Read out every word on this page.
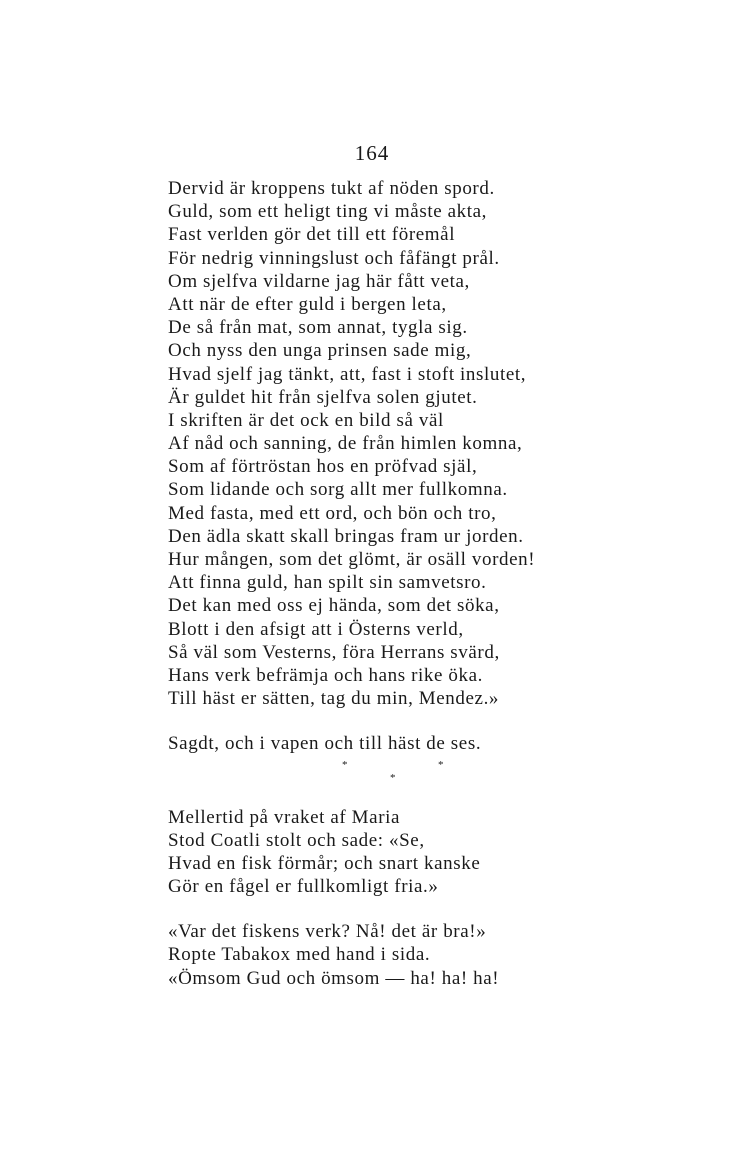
164
Dervid är kroppens tukt af nöden spord.
Guld, som ett heligt ting vi måste akta,
Fast verlden gör det till ett föremål
För nedrig vinningslust och fåfängt prål.
Om sjelfva vildarne jag här fått veta,
Att när de efter guld i bergen leta,
De så från mat, som annat, tygla sig.
Och nyss den unga prinsen sade mig,
Hvad sjelf jag tänkt, att, fast i stoft inslutet,
Är guldet hit från sjelfva solen gjutet.
I skriften är det ock en bild så väl
Af nåd och sanning, de från himlen komna,
Som af förtröstan hos en pröfvad själ,
Som lidande och sorg allt mer fullkomna.
Med fasta, med ett ord, och bön och tro,
Den ädla skatt skall bringas fram ur jorden.
Hur mången, som det glömt, är osäll vorden!
Att finna guld, han spilt sin samvetsro.
Det kan med oss ej hända, som det söka,
Blott i den afsigt att i Österns verld,
Så väl som Vesterns, föra Herrans svärd,
Hans verk befrämja och hans rike öka.
Till häst er sätten, tag du min, Mendez.»
Sagdt, och i vapen och till häst de ses.
*	*
*
Mellertid på vraket af Maria
Stod Coatli stolt och sade: «Se,
Hvad en fisk förmår; och snart kanske
Gör en fågel er fullkomligt fria.»
«Var det fiskens verk? Nå! det är bra!»
Ropte Tabakox med hand i sida.
«Ömsom Gud och ömsom — ha! ha! ha!
